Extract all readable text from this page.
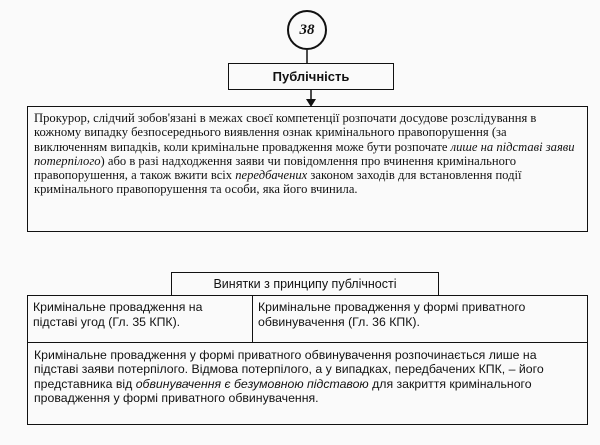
38
Публічність
Прокурор, слідчий зобов'язані в межах своєї компетенції розпочати досудове розслідування в кожному випадку безпосереднього виявлення ознак кримінального правопорушення (за виключенням випадків, коли кримінальне провадження може бути розпочате лише на підставі заяви потерпілого) або в разі надходження заяви чи повідомлення про вчинення кримінального правопорушення, а також вжити всіх передбачених законом заходів для встановлення події кримінального правопорушення та особи, яка його вчинила.
Винятки з принципу публічності
Кримінальне провадження на підставі угод (Гл. 35 КПК).
Кримінальне провадження у формі приватного обвинувачення (Гл. 36 КПК).
Кримінальне провадження у формі приватного обвинувачення розпочинається лише на підставі заяви потерпілого. Відмова потерпілого, а у випадках, передбачених КПК, – його представника від обвинувачення є безумовною підставою для закриття кримінального провадження у формі приватного обвинувачення.
